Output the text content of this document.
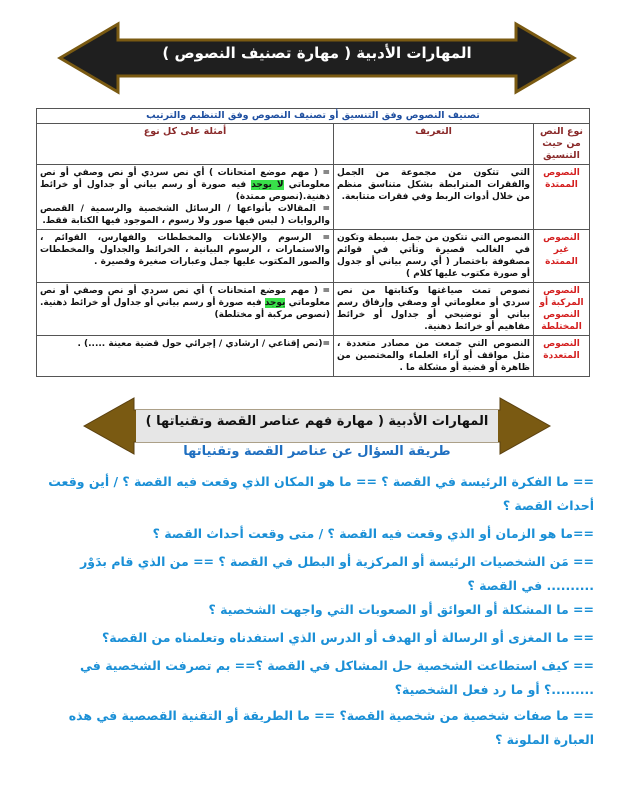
المهارات الأدبية ( مهارة تصنيف النصوص )
تصنيف النصوص وفق التنسيق أو تصنيف النصوص وفق التنظيم والترتيب		
نوع النص من حيث التنسيق	التعريف	أمثلة على كل نوع
النصوص الممتدة	التي تتكون من مجموعة من الجمل والفقرات المترابطة بشكل متناسق منظم من خلال أدوات الربط وفي فقرات متتابعة.	= ( مهم موضع امتحانات ) أي نص سردي أو نص وصفي أو نص معلوماتي لا يوجد فيه صورة أو رسم بياني أو جداول أو خرائط ذهنية.(نصوص ممتدة)
= المقالات بأنواعها / الرسائل الشخصية والرسمية / القصص والروايات ( ليس فيها صور ولا رسوم ، الموجود فيها الكتابة فقط.
النصوص غير الممتدة	النصوص التي تتكون من جمل بسيطة وتكون في الغالب قصيرة وتأتي في قوائم مصفوفة باختصار ( أي رسم بياني أو جدول أو صورة مكتوب عليها كلام )	= الرسوم والإعلانات والمخططات والفهارس، القوائم ، والاستمارات ، الرسوم البيانية ، الخرائط والجداول والمخططات والصور المكتوب عليها جمل وعبارات صغيرة وقصيرة .
النصوص المركبة أو النصوص المختلطة	نصوص تمت صياغتها وكتابتها من نص سردي أو معلوماتي أو وصفي وإرفاق رسم بياني أو توضيحي أو جداول أو خرائط مفاهيم أو خرائط ذهنية.	= ( مهم موضع امتحانات ) أي نص سردي أو نص وصفي أو نص معلوماتي يوجد فيه صورة أو رسم بياني أو جداول أو خرائط ذهنية.(نصوص مركبة أو مختلطة)
النصوص المتعددة	النصوص التي جمعت من مصادر متعددة ، مثل مواقف أو آراء العلماء والمختصين من ظاهرة أو قضية أو مشكلة ما .	=(نص إقناعي / ارشادي / إجرائي حول قضية معينة .....) .
المهارات الأدبية ( مهارة فهم عناصر القصة وتقنياتها )
طريقة السؤال عن عناصر القصة وتقنياتها
== ما الفكرة الرئيسة في القصة ؟ == ما هو المكان الذي وقعت فيه القصة ؟ / أين وقعت أحداث القصة ؟
==ما هو الزمان أو الذي وقعت فيه القصة ؟ / متى وقعت أحداث القصة ؟
== مَن الشخصيات الرئيسة أو المركزية أو البطل في القصة ؟ == من الذي قام بدَوْر .......... في القصة ؟
== ما المشكلة أو العوائق أو الصعوبات التي واجهت الشخصية ؟
== ما المغزى أو الرسالة أو الهدف أو الدرس الذي استفدناه وتعلمناه من القصة؟
== كيف استطاعت الشخصية حل المشاكل في القصة ؟== بم تصرفت الشخصية في .........؟ أو ما رد فعل الشخصية؟
== ما صفات شخصية من شخصية القصة؟ == ما الطريقة أو التقنية القصصية في هذه العبارة الملونة ؟
